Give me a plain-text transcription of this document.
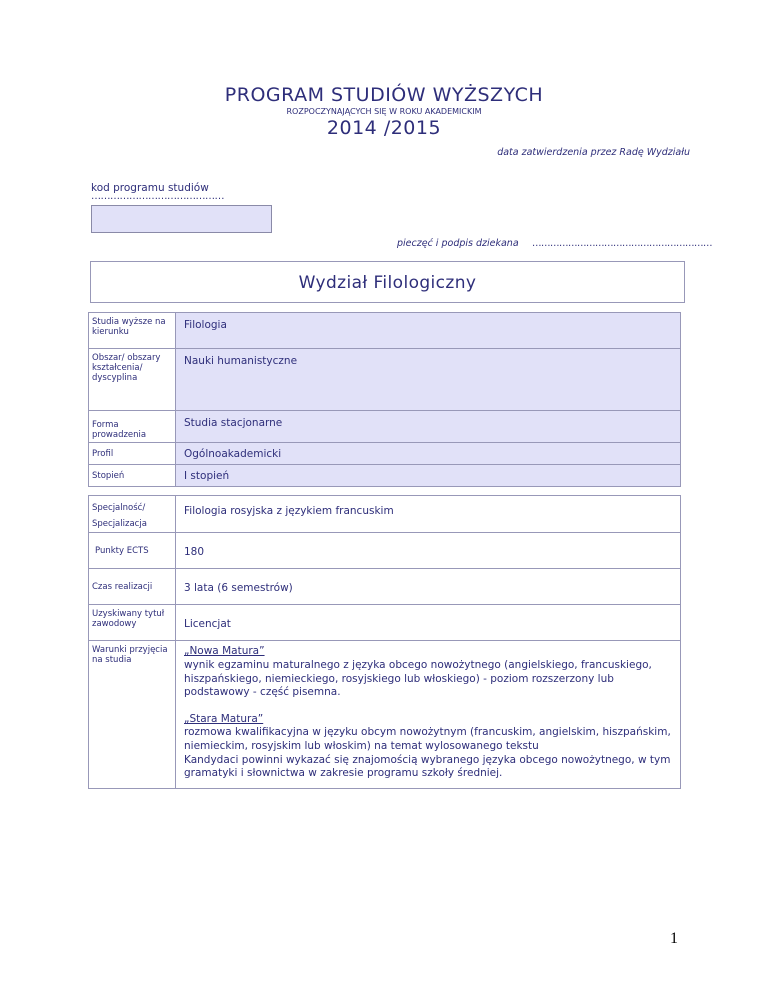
PROGRAM STUDIÓW WYŻSZYCH
ROZPOCZYNAJĄCYCH SIĘ W ROKU AKADEMICKIM
2014 /2015
data zatwierdzenia przez Radę Wydziału
kod programu studiów
……………………………………
pieczęć i podpis dziekana ……………………………………………………
Wydział Filologiczny
Studia wyższe na kierunku	Filologia
Obszar/ obszary kształcenia/ dyscyplina	Nauki humanistyczne
Forma prowadzenia	Studia stacjonarne
Profil	Ogólnoakademicki
Stopień	I stopień
Specjalność/
Specjalizacja	Filologia rosyjska z językiem francuskim
Punkty ECTS	180
Czas realizacji	3 lata (6 semestrów)
Uzyskiwany tytuł zawodowy	Licencjat
Warunki przyjęcia na studia	„Nowa Matura”
wynik egzaminu maturalnego z języka obcego nowożytnego (angielskiego, francuskiego, hiszpańskiego, niemieckiego, rosyjskiego lub włoskiego) - poziom rozszerzony lub podstawowy - część pisemna.
„Stara Matura”
rozmowa kwalifikacyjna w języku obcym nowożytnym (francuskim, angielskim, hiszpańskim, niemieckim, rosyjskim lub włoskim) na temat wylosowanego tekstu
Kandydaci powinni wykazać się znajomością wybranego języka obcego nowożytnego, w tym gramatyki i słownictwa w zakresie programu szkoły średniej.
1
